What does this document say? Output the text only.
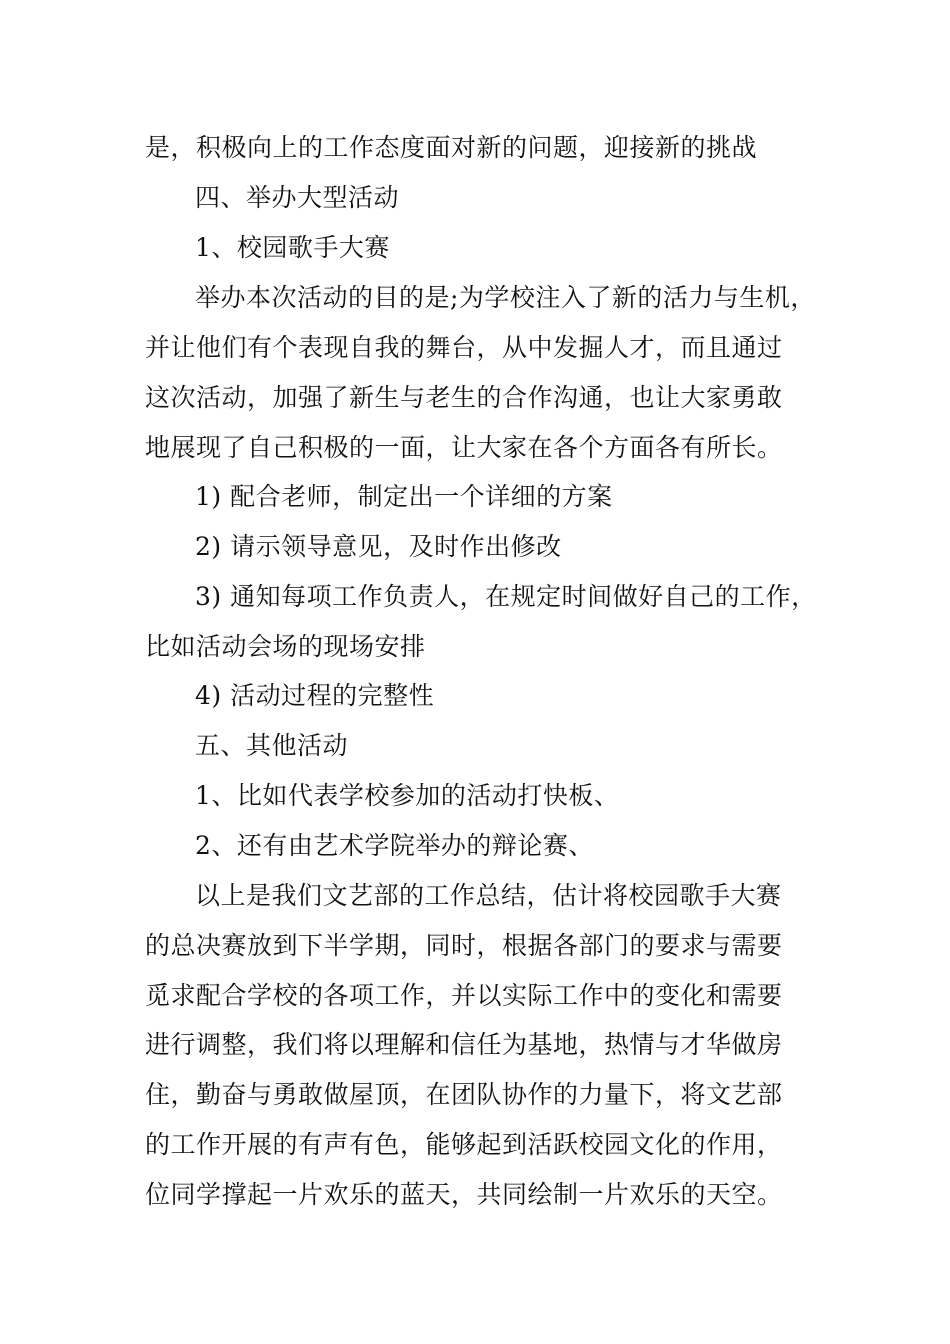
是，积极向上的工作态度面对新的问题，迎接新的挑战
四、举办大型活动
1、校园歌手大赛
举办本次活动的目的是;为学校注入了新的活力与生机，
并让他们有个表现自我的舞台，从中发掘人才，而且通过
这次活动，加强了新生与老生的合作沟通，也让大家勇敢
地展现了自己积极的一面，让大家在各个方面各有所长。
1) 配合老师，制定出一个详细的方案
2) 请示领导意见，及时作出修改
3) 通知每项工作负责人，在规定时间做好自己的工作，
比如活动会场的现场安排
4) 活动过程的完整性
五、其他活动
1、比如代表学校参加的活动打快板、
2、还有由艺术学院举办的辩论赛、
以上是我们文艺部的工作总结，估计将校园歌手大赛
的总决赛放到下半学期，同时，根据各部门的要求与需要
觅求配合学校的各项工作，并以实际工作中的变化和需要
进行调整，我们将以理解和信任为基地，热情与才华做房
住，勤奋与勇敢做屋顶，在团队协作的力量下，将文艺部
的工作开展的有声有色，能够起到活跃校园文化的作用，
位同学撑起一片欢乐的蓝天，共同绘制一片欢乐的天空。
